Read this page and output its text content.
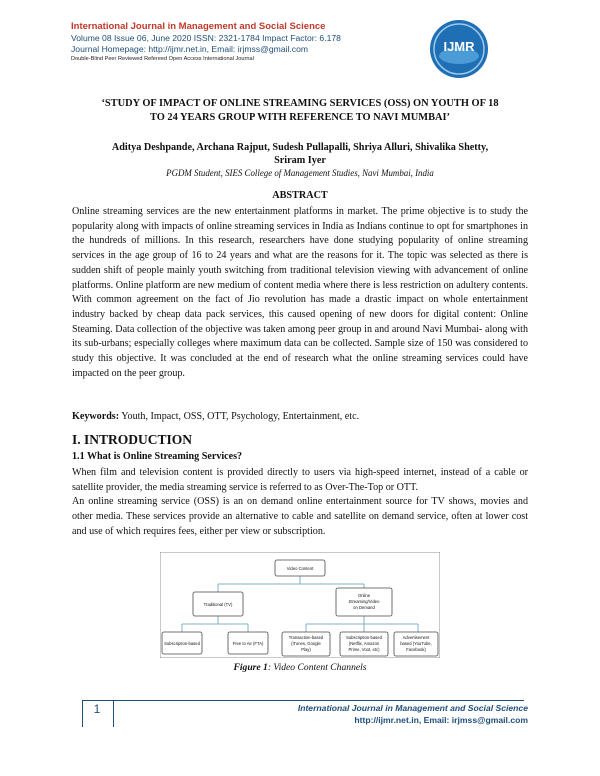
International Journal in Management and Social Science
Volume 08 Issue 06, June 2020 ISSN: 2321-1784 Impact Factor: 6.178
Journal Homepage: http://ijmr.net.in, Email: irjmss@gmail.com
Double-Blind Peer Reviewed Refereed Open Access International Journal
IJMR
‘STUDY OF IMPACT OF ONLINE STREAMING SERVICES (OSS) ON YOUTH OF 18
TO 24 YEARS GROUP WITH REFERENCE TO NAVI MUMBAI’
Aditya Deshpande, Archana Rajput, Sudesh Pullapalli, Shriya Alluri, Shivalika Shetty,
Sriram Iyer
PGDM Student, SIES College of Management Studies, Navi Mumbai, India
ABSTRACT

Online streaming services are the new entertainment platforms in market. The prime objective is to study the popularity along with impacts of online streaming services in India as Indians continue to opt for smartphones in the hundreds of millions. In this research, researchers have done studying popularity of online streaming services in the age group of 16 to 24 years and what are the reasons for it. The topic was selected as there is sudden shift of people mainly youth switching from traditional television viewing with advancement of online platforms. Online platform are new medium of content media where there is less restriction on adultery contents. With common agreement on the fact of Jio revolution has made a drastic impact on whole entertainment industry backed by cheap data pack services, this caused opening of new doors for digital content: Online Steaming. Data collection of the objective was taken among peer group in and around Navi Mumbai- along with its sub-urbans; especially colleges where maximum data can be collected. Sample size of 150 was considered to study this objective. It was concluded at the end of research what the online streaming services could have impacted on the peer group.

Keywords: Youth, Impact, OSS, OTT, Psychology, Entertainment, etc.
I. INTRODUCTION
1.1 What is Online Streaming Services?

When film and television content is provided directly to users via high-speed internet, instead of a cable or satellite provider, the media streaming service is referred to as Over-The-Top or OTT.

An online streaming service (OSS) is an on demand online entertainment source for TV shows, movies and other media. These services provide an alternative to cable and satellite on demand service, often at lower cost and use of which requires fees, either per view or subscription.

Video Content
Traditional (TV)
Online
Streaming/Video
on Demand
Subscription-based	Free to Air (FTA)
Transaction-based
(iTunes, Google
Play)
Subscription-based
(Netflix, Amazon
Prime, Voot, etc)
Advertisement
based (YouTube,
Facebook)
Figure 1: Video Content Channels
1	International Journal in Management and Social Science
http://ijmr.net.in, Email: irjmss@gmail.com
